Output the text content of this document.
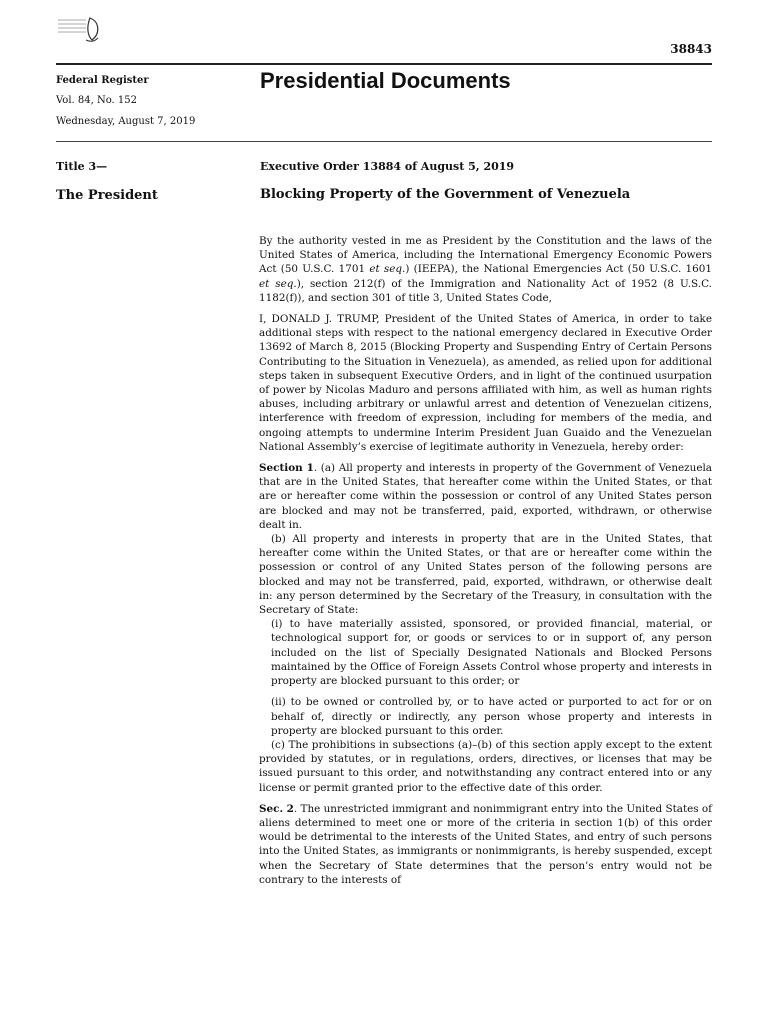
38843
Federal Register
Vol. 84, No. 152
Wednesday, August 7, 2019
Presidential Documents
Title 3—
The President
Executive Order 13884 of August 5, 2019
Blocking Property of the Government of Venezuela

By the authority vested in me as President by the Constitution and the laws of the United States of America, including the International Emergency Economic Powers Act (50 U.S.C. 1701 et seq.) (IEEPA), the National Emergencies Act (50 U.S.C. 1601 et seq.), section 212(f) of the Immigration and Nationality Act of 1952 (8 U.S.C. 1182(f)), and section 301 of title 3, United States Code,

I, DONALD J. TRUMP, President of the United States of America, in order to take additional steps with respect to the national emergency declared in Executive Order 13692 of March 8, 2015 (Blocking Property and Suspending Entry of Certain Persons Contributing to the Situation in Venezuela), as amended, as relied upon for additional steps taken in subsequent Executive Orders, and in light of the continued usurpation of power by Nicolas Maduro and persons affiliated with him, as well as human rights abuses, including arbitrary or unlawful arrest and detention of Venezuelan citizens, interference with freedom of expression, including for members of the media, and ongoing attempts to undermine Interim President Juan Guaido and the Venezuelan National Assembly’s exercise of legitimate authority in Venezuela, hereby order:

Section 1. (a) All property and interests in property of the Government of Venezuela that are in the United States, that hereafter come within the United States, or that are or hereafter come within the possession or control of any United States person are blocked and may not be transferred, paid, exported, withdrawn, or otherwise dealt in.

(b) All property and interests in property that are in the United States, that hereafter come within the United States, or that are or hereafter come within the possession or control of any United States person of the following persons are blocked and may not be transferred, paid, exported, withdrawn, or otherwise dealt in: any person determined by the Secretary of the Treasury, in consultation with the Secretary of State:

(i) to have materially assisted, sponsored, or provided financial, material, or technological support for, or goods or services to or in support of, any person included on the list of Specially Designated Nationals and Blocked Persons maintained by the Office of Foreign Assets Control whose property and interests in property are blocked pursuant to this order; or

(ii) to be owned or controlled by, or to have acted or purported to act for or on behalf of, directly or indirectly, any person whose property and interests in property are blocked pursuant to this order.

(c) The prohibitions in subsections (a)–(b) of this section apply except to the extent provided by statutes, or in regulations, orders, directives, or licenses that may be issued pursuant to this order, and notwithstanding any contract entered into or any license or permit granted prior to the effective date of this order.

Sec. 2. The unrestricted immigrant and nonimmigrant entry into the United States of aliens determined to meet one or more of the criteria in section 1(b) of this order would be detrimental to the interests of the United States, and entry of such persons into the United States, as immigrants or nonimmigrants, is hereby suspended, except when the Secretary of State determines that the person’s entry would not be contrary to the interests of
